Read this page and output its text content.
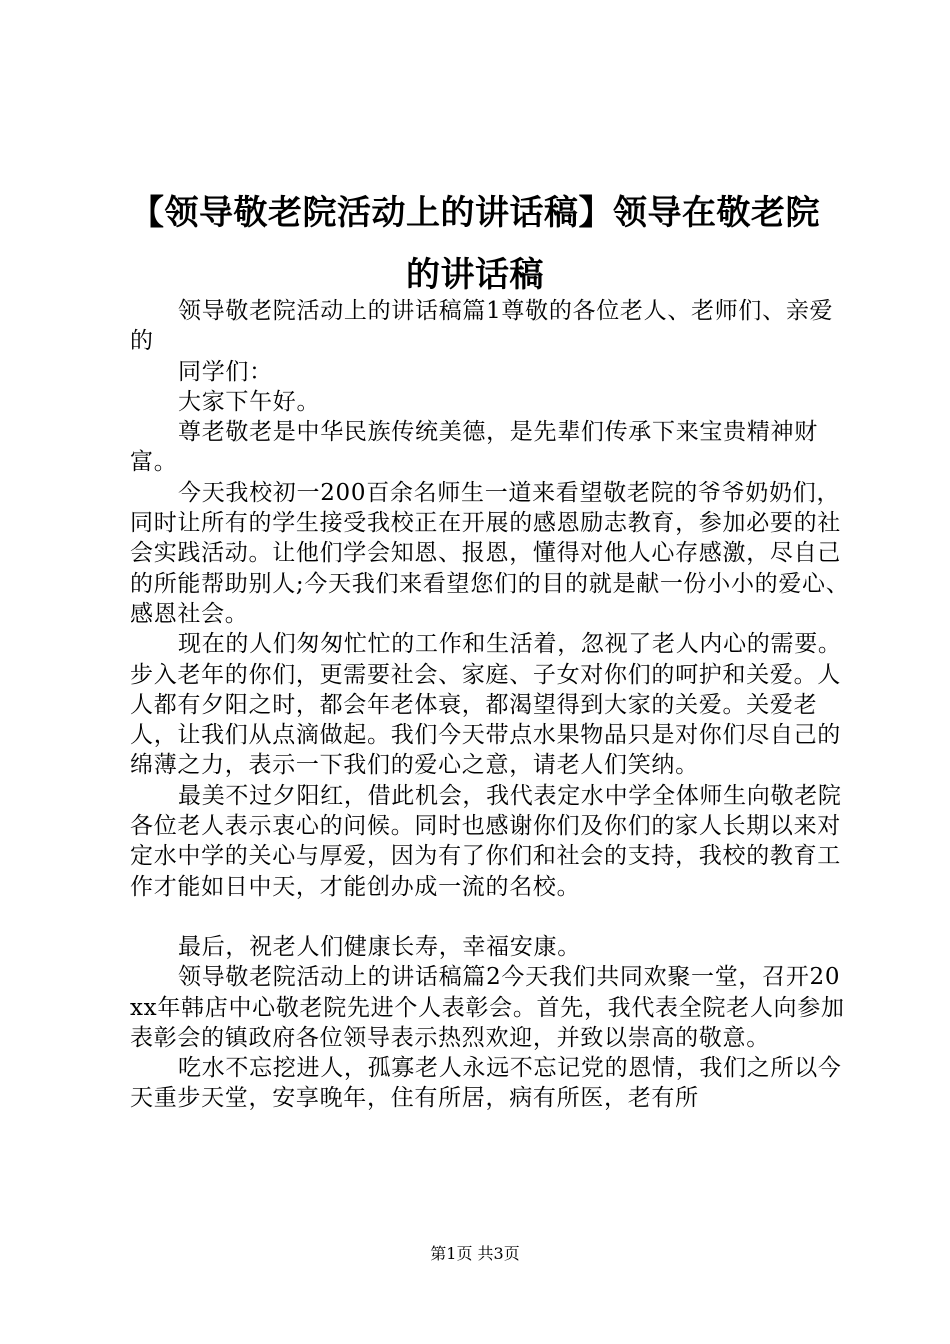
【领导敬老院活动上的讲话稿】领导在敬老院
的讲话稿

领导敬老院活动上的讲话稿篇1尊敬的各位老人、老师们、亲爱的

同学们：

大家下午好。

尊老敬老是中华民族传统美德，是先辈们传承下来宝贵精神财富。

今天我校初一200百余名师生一道来看望敬老院的爷爷奶奶们，同时让所有的学生接受我校正在开展的感恩励志教育，参加必要的社会实践活动。让他们学会知恩、报恩，懂得对他人心存感激，尽自己的所能帮助别人;今天我们来看望您们的目的就是献一份小小的爱心、感恩社会。

现在的人们匆匆忙忙的工作和生活着，忽视了老人内心的需要。步入老年的你们，更需要社会、家庭、子女对你们的呵护和关爱。人人都有夕阳之时，都会年老体衰，都渴望得到大家的关爱。关爱老人，让我们从点滴做起。我们今天带点水果物品只是对你们尽自己的绵薄之力，表示一下我们的爱心之意，请老人们笑纳。

最美不过夕阳红，借此机会，我代表定水中学全体师生向敬老院各位老人表示衷心的问候。同时也感谢你们及你们的家人长期以来对定水中学的关心与厚爱，因为有了你们和社会的支持，我校的教育工作才能如日中天，才能创办成一流的名校。

最后，祝老人们健康长寿，幸福安康。

领导敬老院活动上的讲话稿篇2今天我们共同欢聚一堂，召开20xx年韩店中心敬老院先进个人表彰会。首先，我代表全院老人向参加表彰会的镇政府各位领导表示热烈欢迎，并致以崇高的敬意。

吃水不忘挖进人，孤寡老人永远不忘记党的恩情，我们之所以今天重步天堂，安享晚年，住有所居，病有所医，老有所

第1页 共3页
